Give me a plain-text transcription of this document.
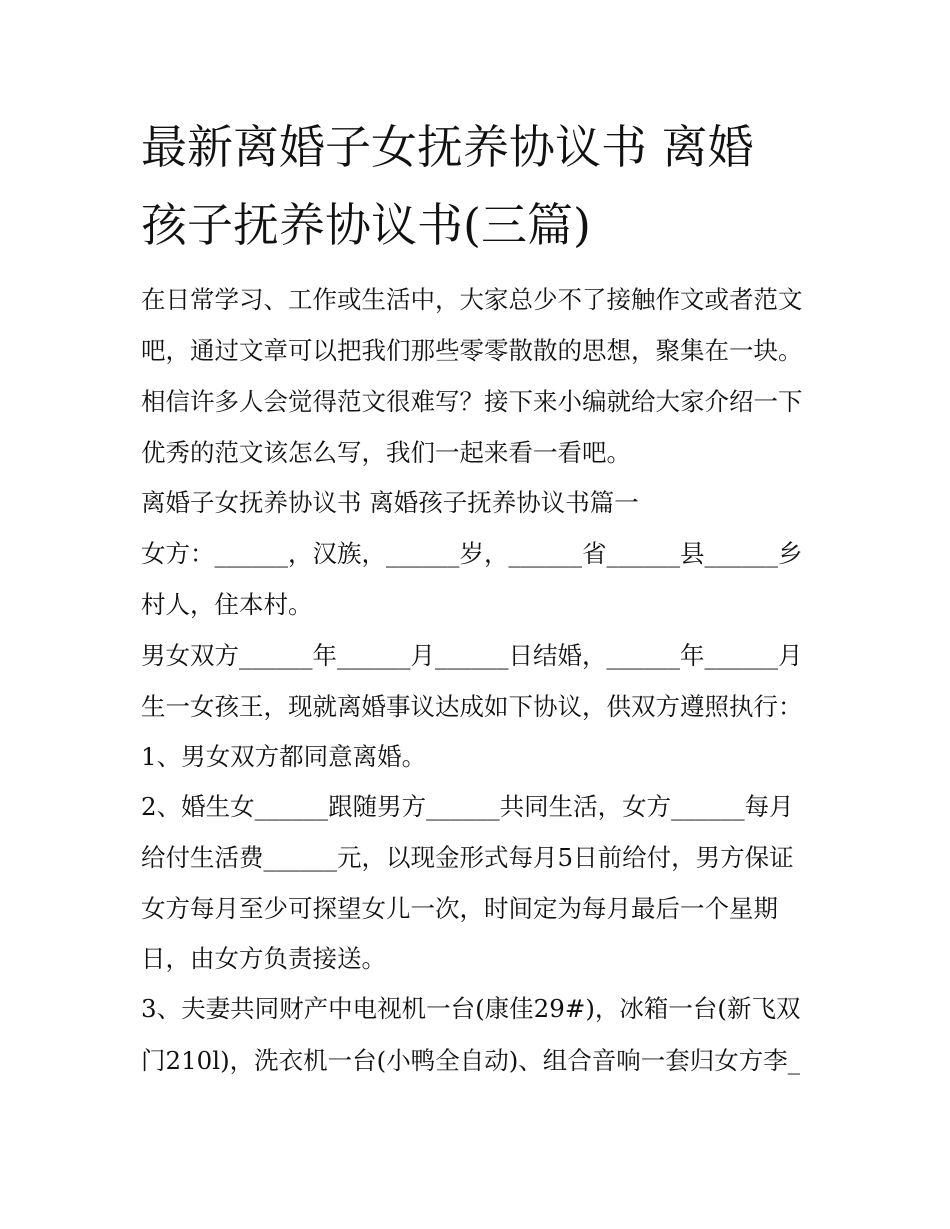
最新离婚子女抚养协议书 离婚
孩子抚养协议书(三篇)
在日常学习、工作或生活中，大家总少不了接触作文或者范文
吧，通过文章可以把我们那些零零散散的思想，聚集在一块。
相信许多人会觉得范文很难写？接下来小编就给大家介绍一下
优秀的范文该怎么写，我们一起来看一看吧。
离婚子女抚养协议书 离婚孩子抚养协议书篇一
女方：______，汉族，______岁，______省______县______乡
村人，住本村。
男女双方______年______月______日结婚，______年______月
生一女孩王，现就离婚事议达成如下协议，供双方遵照执行：
1、男女双方都同意离婚。
2、婚生女______跟随男方______共同生活，女方______每月
给付生活费______元，以现金形式每月5日前给付，男方保证
女方每月至少可探望女儿一次，时间定为每月最后一个星期
日，由女方负责接送。
3、夫妻共同财产中电视机一台(康佳29#)，冰箱一台(新飞双
门210l)，洗衣机一台(小鸭全自动)、组合音响一套归女方李_
